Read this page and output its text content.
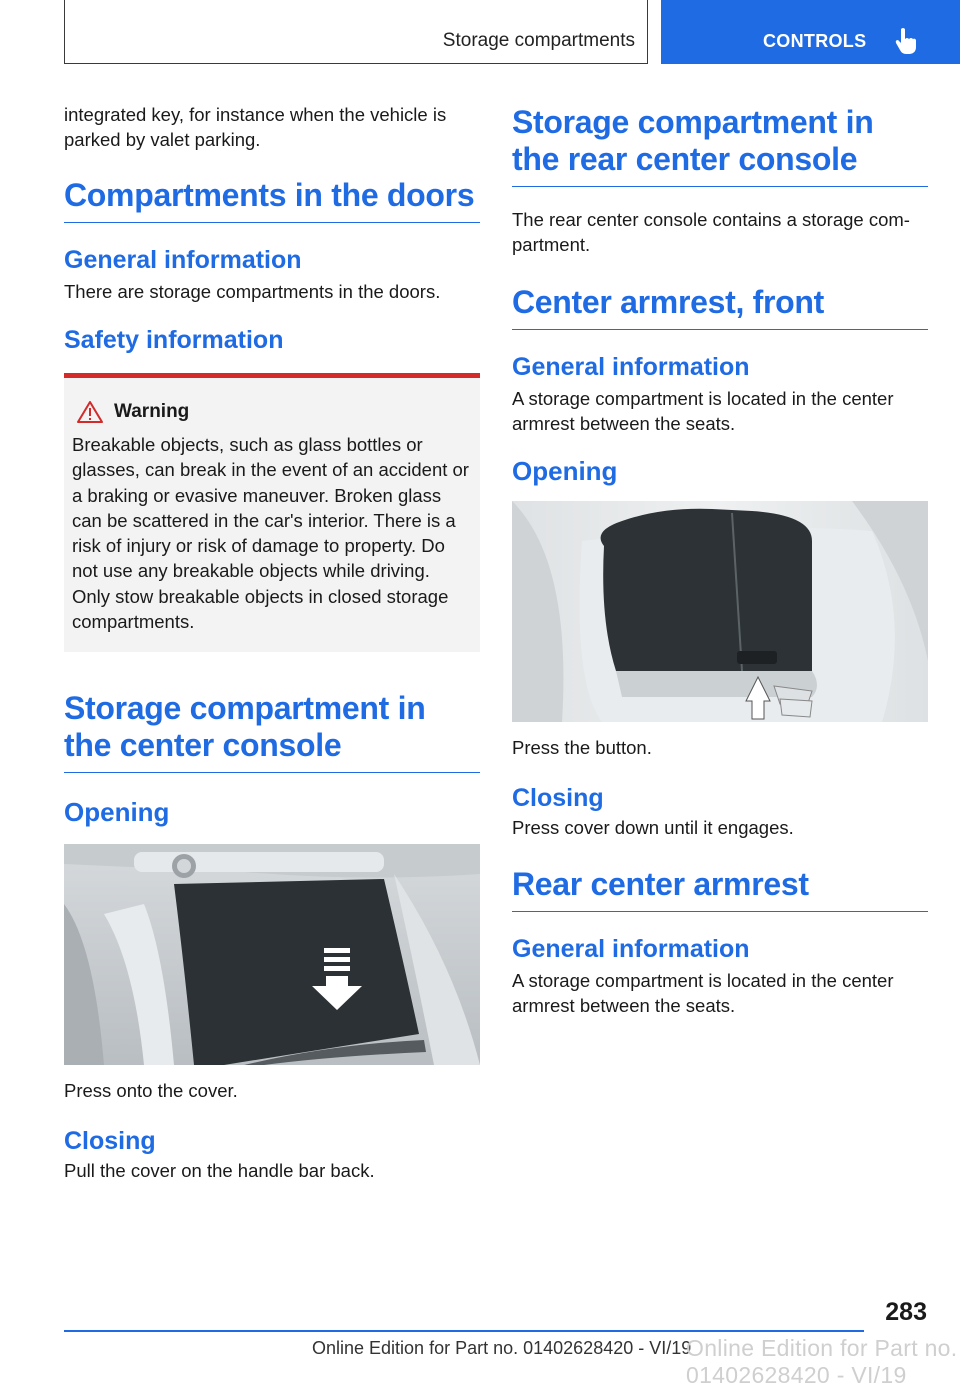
Storage compartments	CONTROLS

integrated key, for instance when the vehicle is parked by valet parking.

Compartments in the doors
General information

There are storage compartments in the doors.

Safety information
Warning

Breakable objects, such as glass bottles or glasses, can break in the event of an accident or a braking or evasive maneuver. Broken glass can be scattered in the car's interior. There is a risk of injury or risk of damage to property. Do not use any breakable objects while driving. Only stow breakable objects in closed storage compartments.

Storage compartment in the center console
Opening

Press onto the cover.

Closing

Pull the cover on the handle bar back.

Storage compartment in the rear center console

The rear center console contains a storage compartment.

Center armrest, front
General information

A storage compartment is located in the center armrest between the seats.

Opening

Press the button.

Closing

Press cover down until it engages.

Rear center armrest
General information

A storage compartment is located in the center armrest between the seats.

283
Online Edition for Part no. 01402628420 - VI/19
Online Edition for Part no. 01402628420 - VI/19
